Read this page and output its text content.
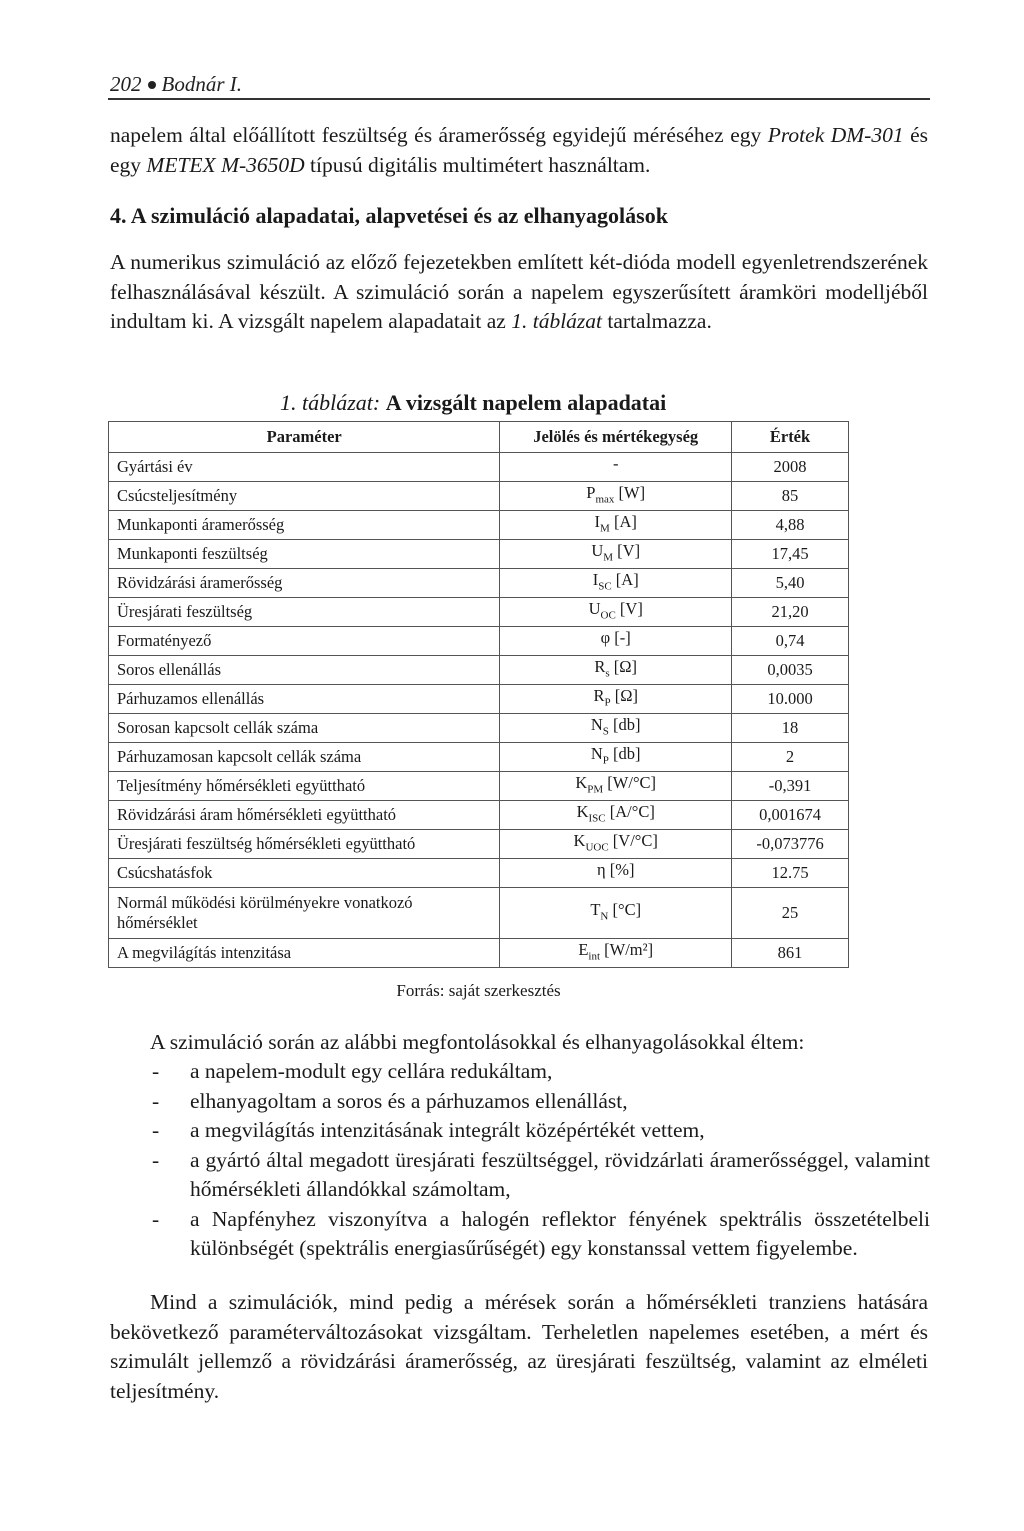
202 Bodnár I.

napelem által előállított feszültség és áramerősség egyidejű méréséhez egy Protek DM-301 és egy METEX M-3650D típusú digitális multimétert használtam.

4. A szimuláció alapadatai, alapvetései és az elhanyagolások

A numerikus szimuláció az előző fejezetekben említett két-dióda modell egyenletrendszerének felhasználásával készült. A szimuláció során a napelem egyszerűsített áramköri modelljéből indultam ki. A vizsgált napelem alapadatait az 1. táblázat tartalmazza.

1. táblázat: A vizsgált napelem alapadatai

Paraméter	Jelölés és mértékegység	Érték
Gyártási év	-	2008
Csúcsteljesítmény	$P_{max}$ [W]	85
Munkaponti áramerősség	$I_M$ [A]	4,88
Munkaponti feszültség	$U_M$ [V]	17,45
Rövidzárási áramerősség	$I_{SC}$ [A]	5,40
Üresjárati feszültség	$U_{OC}$ [V]	21,20
Formatényező	φ [-]	0,74
Soros ellenállás	$R_s$ [Ω]	0,0035
Párhuzamos ellenállás	$R_P$ [Ω]	10.000
Sorosan kapcsolt cellák száma	$N_S$ [db]	18
Párhuzamosan kapcsolt cellák száma	$N_P$ [db]	2
Teljesítmény hőmérsékleti együttható	$K_{PM}$ [W/°C]	-0,391
Rövidzárási áram hőmérsékleti együttható	$K_{ISC}$ [A/°C]	0,001674
Üresjárati feszültség hőmérsékleti együttható	$K_{UOC}$ [V/°C]	-0,073776
Csúcshatásfok	η [%]	12.75
Normál működési körülményekre vonatkozó hőmérséklet	$T_N$ [°C]	25
A megvilágítás intenzitása	$E_{int}$ [W/m²]	861
Forrás: saját szerkesztés

A szimuláció során az alábbi megfontolásokkal és elhanyagolásokkal éltem:

- a napelem-modult egy cellára redukáltam,
- elhanyagoltam a soros és a párhuzamos ellenállást,
- a megvilágítás intenzitásának integrált középértékét vettem,
- a gyártó által megadott üresjárati feszültséggel, rövidzárlati áramerősséggel, valamint hőmérsékleti állandókkal számoltam,
- a Napfényhez viszonyítva a halogén reflektor fényének spektrális összetételbeli különbségét (spektrális energiasűrűségét) egy konstanssal vettem figyelembe.

Mind a szimulációk, mind pedig a mérések során a hőmérsékleti tranziens hatására bekövetkező paraméterváltozásokat vizsgáltam. Terheletlen napelemes esetében, a mért és szimulált jellemző a rövidzárási áramerősség, az üresjárati feszültség, valamint az elméleti teljesítmény.
